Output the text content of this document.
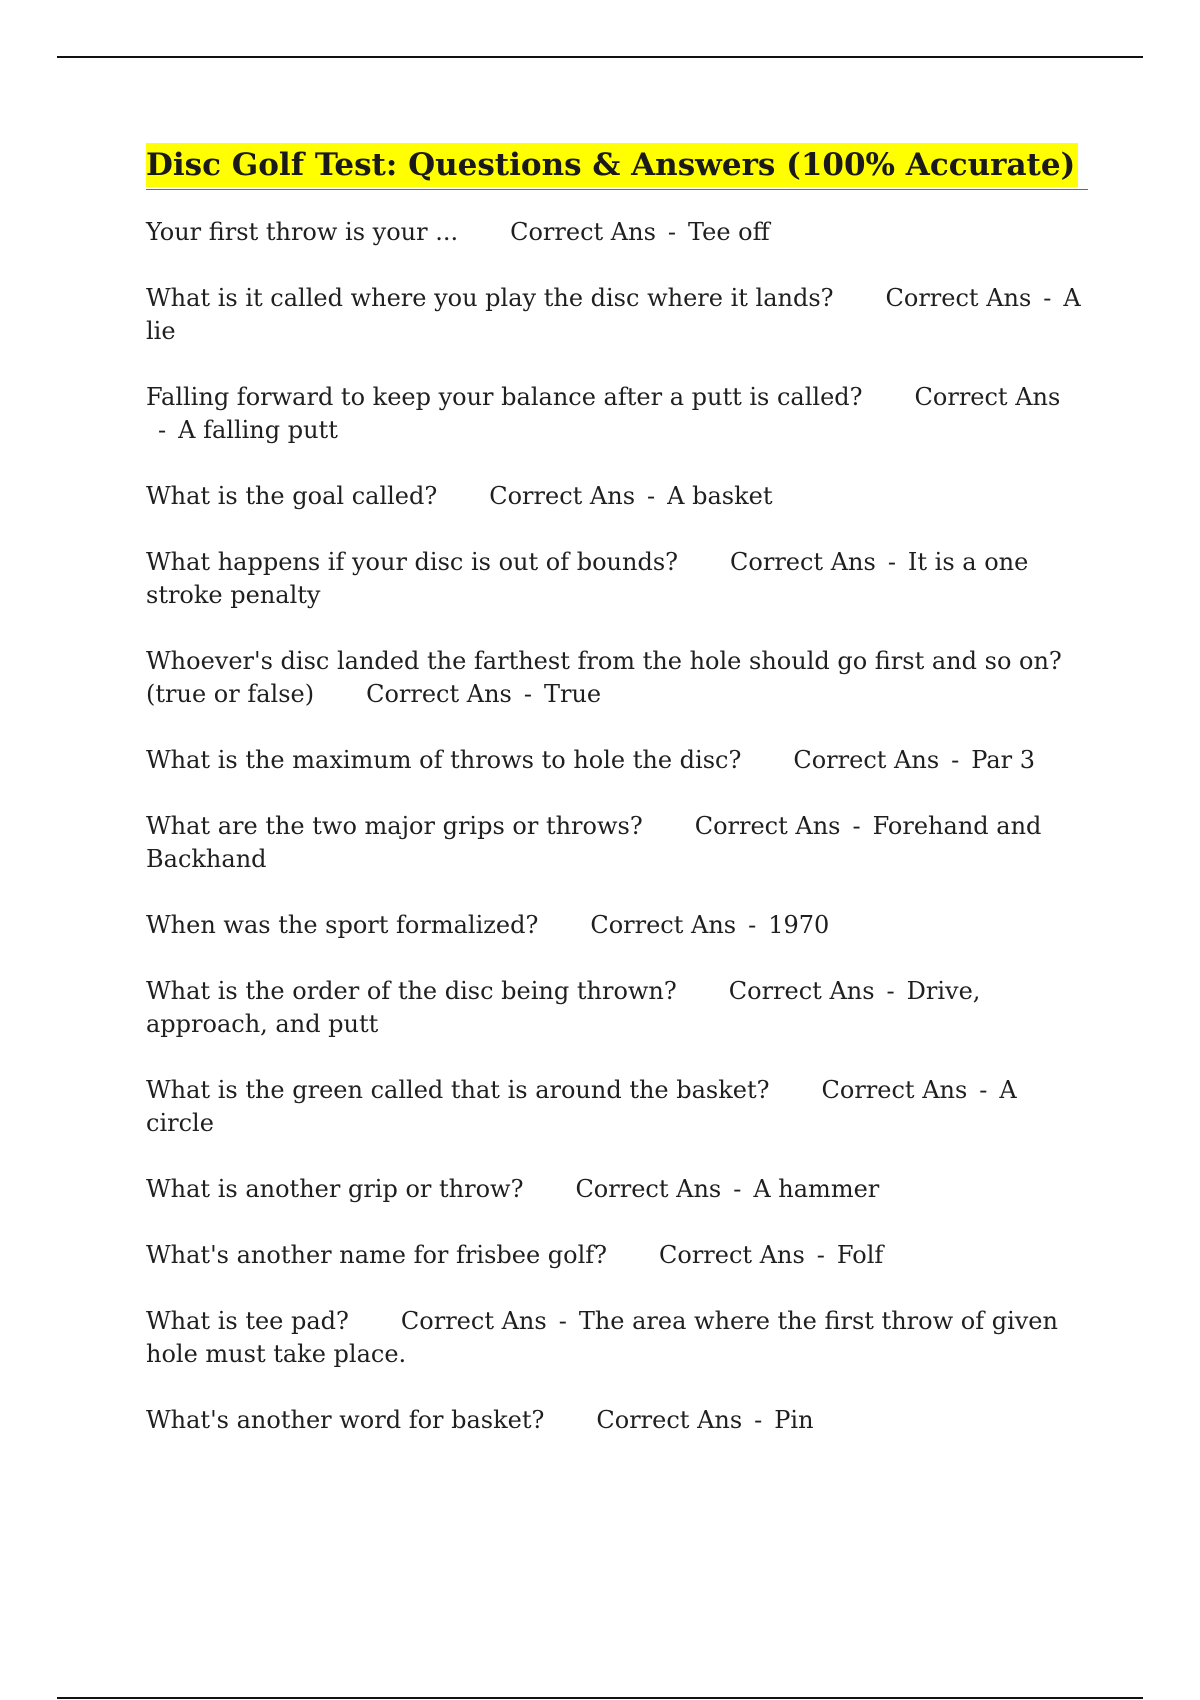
Disc Golf Test: Questions & Answers (100% Accurate)

Your first throw is your ... Correct Ans - Tee off

What is it called where you play the disc where it lands? Correct Ans - A lie

Falling forward to keep your balance after a putt is called? Correct Ans- A falling putt

What is the goal called? Correct Ans - A basket

What happens if your disc is out of bounds? Correct Ans - It is a one stroke penalty

Whoever's disc landed the farthest from the hole should go first and so on? (true or false) Correct Ans - True

What is the maximum of throws to hole the disc? Correct Ans - Par 3

What are the two major grips or throws? Correct Ans - Forehand and Backhand

When was the sport formalized? Correct Ans - 1970

What is the order of the disc being thrown? Correct Ans - Drive, approach, and putt

What is the green called that is around the basket? Correct Ans - A circle

What is another grip or throw? Correct Ans - A hammer

What's another name for frisbee golf? Correct Ans - Folf

What is tee pad? Correct Ans - The area where the first throw of given hole must take place.

What's another word for basket? Correct Ans - Pin
